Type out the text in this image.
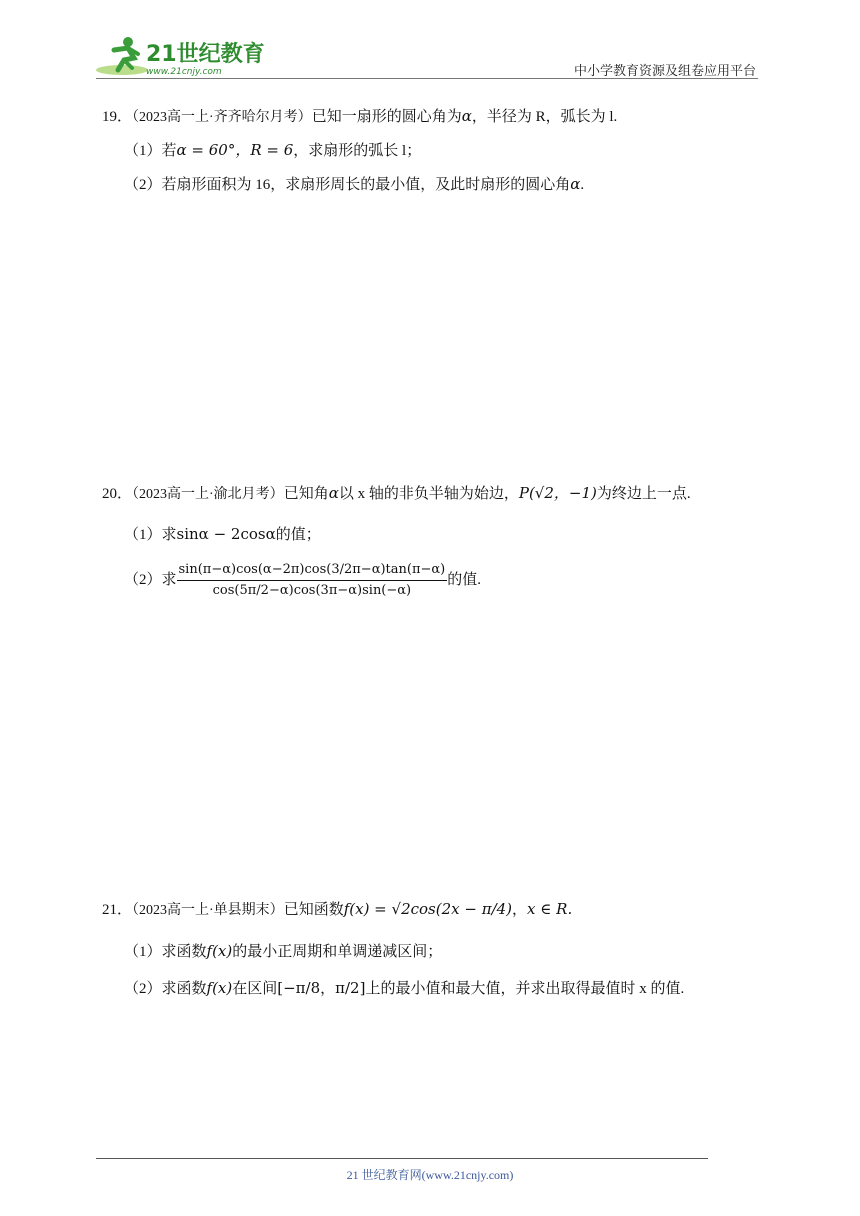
21世纪教育
www.21cnjy.com	中小学教育资源及组卷应用平台
19．（2023高一上·齐齐哈尔月考）已知一扇形的圆心角为α，半径为 R，弧长为 l.
（1）若α = 60°，R = 6，求扇形的弧长 l；
（2）若扇形面积为 16，求扇形周长的最小值，及此时扇形的圆心角α.
20．（2023高一上·渝北月考）已知角α以 x 轴的非负半轴为始边，P(√2，−1)为终边上一点.
（1）求sinα − 2cosα的值；
（2）求 $\frac{\sin(\pi-\alpha)\cos(\alpha-2\pi)\cos(3/2\pi-\alpha)\tan(\pi-\alpha)}{\cos(5\pi/2-\alpha)\cos(3\pi-\alpha)\sin(-\alpha)}$ 的值.
21．（2023高一上·单县期末）已知函数f(x) = √2cos(2x − π/4)，x ∈ R.
（1）求函数f(x)的最小正周期和单调递减区间；
（2）求函数f(x)在区间[−π/8，π/2]上的最小值和最大值，并求出取得最值时 x 的值.
21 世纪教育网(www.21cnjy.com)
